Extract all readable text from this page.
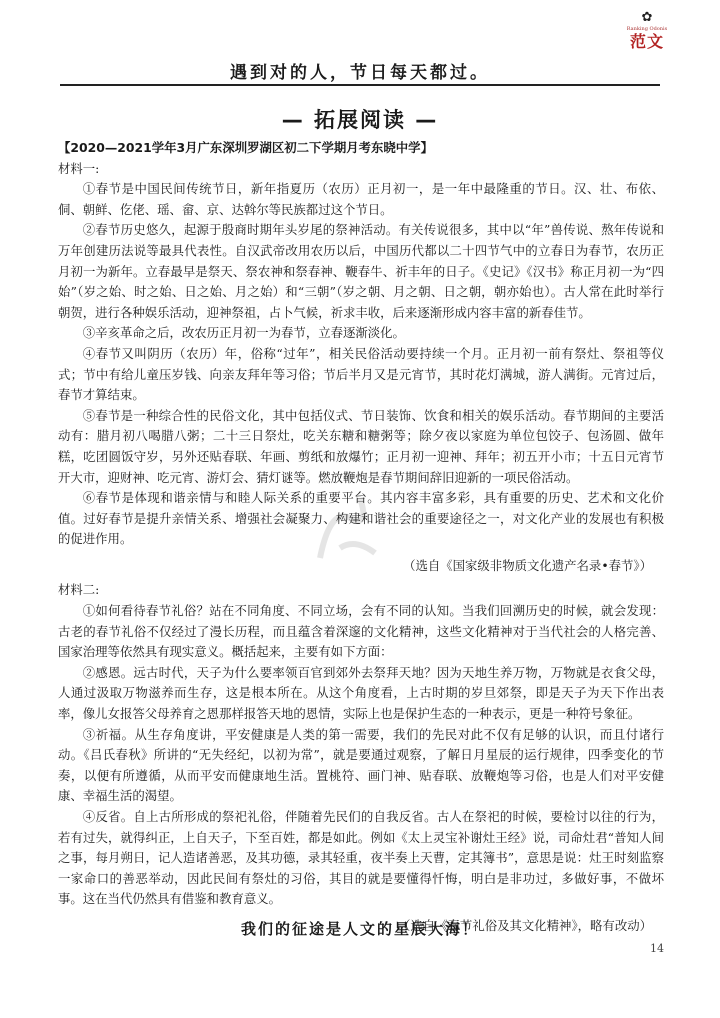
遇到对的人，节日每天都过。
✿
Ranking Odonis
范文
— 拓展阅读 —
【2020—2021学年3月广东深圳罗湖区初二下学期月考东晓中学】
材料一:

①春节是中国民间传统节日，新年指夏历（农历）正月初一，是一年中最隆重的节日。汉、壮、布依、侗、朝鲜、仡佬、瑶、畲、京、达斡尔等民族都过这个节日。

②春节历史悠久，起源于殷商时期年头岁尾的祭神活动。有关传说很多，其中以“年”兽传说、熬年传说和万年创建历法说等最具代表性。自汉武帝改用农历以后，中国历代都以二十四节气中的立春日为春节，农历正月初一为新年。立春最早是祭天、祭农神和祭春神、鞭春牛、祈丰年的日子。《史记》《汉书》称正月初一为“四始”（岁之始、时之始、日之始、月之始）和“三朝”（岁之朝、月之朝、日之朝，朝亦始也）。古人常在此时举行朝贺，进行各种娱乐活动，迎神祭祖，占卜气候，祈求丰收，后来逐渐形成内容丰富的新春佳节。

③辛亥革命之后，改农历正月初一为春节，立春逐渐淡化。

④春节又叫阴历（农历）年，俗称“过年”，相关民俗活动要持续一个月。正月初一前有祭灶、祭祖等仪式；节中有给儿童压岁钱、向亲友拜年等习俗；节后半月又是元宵节，其时花灯满城，游人满街。元宵过后，春节才算结束。

⑤春节是一种综合性的民俗文化，其中包括仪式、节日装饰、饮食和相关的娱乐活动。春节期间的主要活动有：腊月初八喝腊八粥；二十三日祭灶，吃关东糖和糖粥等；除夕夜以家庭为单位包饺子、包汤圆、做年糕，吃团圆饭守岁，另外还贴春联、年画、剪纸和放爆竹；正月初一迎神、拜年；初五开小市；十五日元宵节开大市，迎财神、吃元宵、游灯会、猜灯谜等。燃放鞭炮是春节期间辞旧迎新的一项民俗活动。

⑥春节是体现和谐亲情与和睦人际关系的重要平台。其内容丰富多彩，具有重要的历史、艺术和文化价值。过好春节是提升亲情关系、增强社会凝聚力、构建和谐社会的重要途径之一，对文化产业的发展也有积极的促进作用。

（选自《国家级非物质文化遗产名录•春节》）
材料二:

①如何看待春节礼俗？站在不同角度、不同立场，会有不同的认知。当我们回溯历史的时候，就会发现：古老的春节礼俗不仅经过了漫长历程，而且蕴含着深邃的文化精神，这些文化精神对于当代社会的人格完善、国家治理等依然具有现实意义。概括起来，主要有如下方面：

②感恩。远古时代，天子为什么要率领百官到郊外去祭拜天地？因为天地生养万物，万物就是衣食父母，人通过汲取万物滋养而生存，这是根本所在。从这个角度看，上古时期的岁旦郊祭，即是天子为天下作出表率，像儿女报答父母养育之恩那样报答天地的恩情，实际上也是保护生态的一种表示，更是一种符号象征。

③祈福。从生存角度讲，平安健康是人类的第一需要，我们的先民对此不仅有足够的认识，而且付诸行动。《吕氏春秋》所讲的“无失经纪，以初为常”，就是要通过观察，了解日月星辰的运行规律，四季变化的节奏，以便有所遵循，从而平安而健康地生活。置桃符、画门神、贴春联、放鞭炮等习俗，也是人们对平安健康、幸福生活的渴望。

④反省。自上古所形成的祭祀礼俗，伴随着先民们的自我反省。古人在祭祀的时候，要检讨以往的行为，若有过失，就得纠正，上自天子，下至百姓，都是如此。例如《太上灵宝补谢灶王经》说，司命灶君“普知人间之事，每月朔日，记人造诸善恶，及其功德，录其轻重，夜半奏上天曹，定其簿书”，意思是说：灶王时刻监察一家命口的善恶举动，因此民间有祭灶的习俗，其目的就是要懂得忏悔，明白是非功过，多做好事，不做坏事。这在当代仍然具有借鉴和教育意义。

（选自《春节礼俗及其文化精神》，略有改动）
我们的征途是人文的星辰大海！
14
